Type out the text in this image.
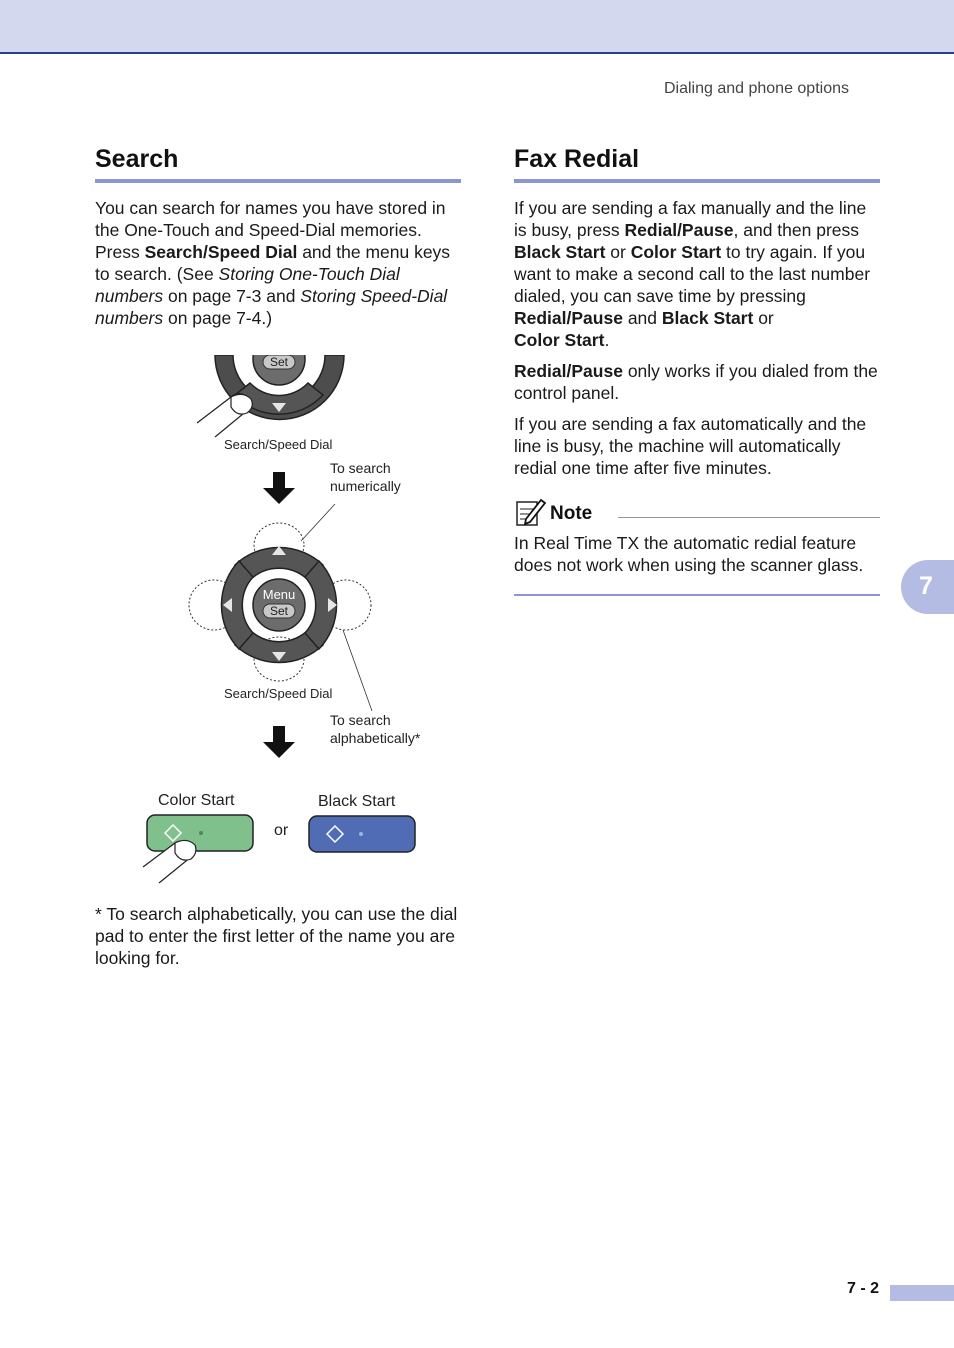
Dialing and phone options
Search

You can search for names you have stored in the One-Touch and Speed-Dial memories. Press Search/Speed Dial and the menu keys to search. (See Storing One-Touch Dial numbers on page 7-3 and Storing Speed-Dial numbers on page 7-4.)

Set
Search/Speed Dial
Menu
Set
Search/Speed Dial
To search
numerically
To search
alphabetically*
Color Start	Black Start
or

* To search alphabetically, you can use the dial pad to enter the first letter of the name you are looking for.

Fax Redial

If you are sending a fax manually and the line is busy, press Redial/Pause, and then press Black Start or Color Start to try again. If you want to make a second call to the last number dialed, you can save time by pressing Redial/Pause and Black Start or
Color Start.

Redial/Pause only works if you dialed from the control panel.

If you are sending a fax automatically and the line is busy, the machine will automatically redial one time after five minutes.

Note

In Real Time TX the automatic redial feature does not work when using the scanner glass.

7
7 - 2
